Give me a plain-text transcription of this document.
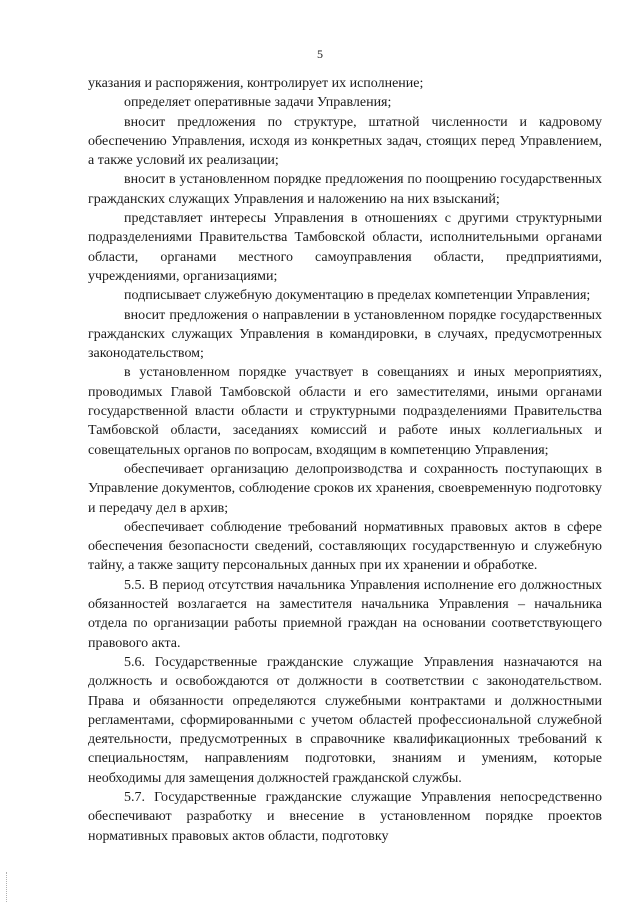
5

указания и распоряжения, контролирует их исполнение;

определяет оперативные задачи Управления;

вносит предложения по структуре, штатной численности и кадровому обеспечению Управления, исходя из конкретных задач, стоящих перед Управлением, а также условий их реализации;

вносит в установленном порядке предложения по поощрению государственных гражданских служащих Управления и наложению на них взысканий;

представляет интересы Управления в отношениях с другими структурными подразделениями Правительства Тамбовской области, исполнительными органами области, органами местного самоуправления области, предприятиями, учреждениями, организациями;

подписывает служебную документацию в пределах компетенции Управления;

вносит предложения о направлении в установленном порядке государственных гражданских служащих Управления в командировки, в случаях, предусмотренных законодательством;

в установленном порядке участвует в совещаниях и иных мероприятиях, проводимых Главой Тамбовской области и его заместителями, иными органами государственной власти области и структурными подразделениями Правительства Тамбовской области, заседаниях комиссий и работе иных коллегиальных и совещательных органов по вопросам, входящим в компетенцию Управления;

обеспечивает организацию делопроизводства и сохранность поступающих в Управление документов, соблюдение сроков их хранения, своевременную подготовку и передачу дел в архив;

обеспечивает соблюдение требований нормативных правовых актов в сфере обеспечения безопасности сведений, составляющих государственную и служебную тайну, а также защиту персональных данных при их хранении и обработке.

5.5. В период отсутствия начальника Управления исполнение его должностных обязанностей возлагается на заместителя начальника Управления – начальника отдела по организации работы приемной граждан на основании соответствующего правового акта.

5.6. Государственные гражданские служащие Управления назначаются на должность и освобождаются от должности в соответствии с законодательством. Права и обязанности определяются служебными контрактами и должностными регламентами, сформированными с учетом областей профессиональной служебной деятельности, предусмотренных в справочнике квалификационных требований к специальностям, направлениям подготовки, знаниям и умениям, которые необходимы для замещения должностей гражданской службы.

5.7. Государственные гражданские служащие Управления непосредственно обеспечивают разработку и внесение в установленном порядке проектов нормативных правовых актов области, подготовку
